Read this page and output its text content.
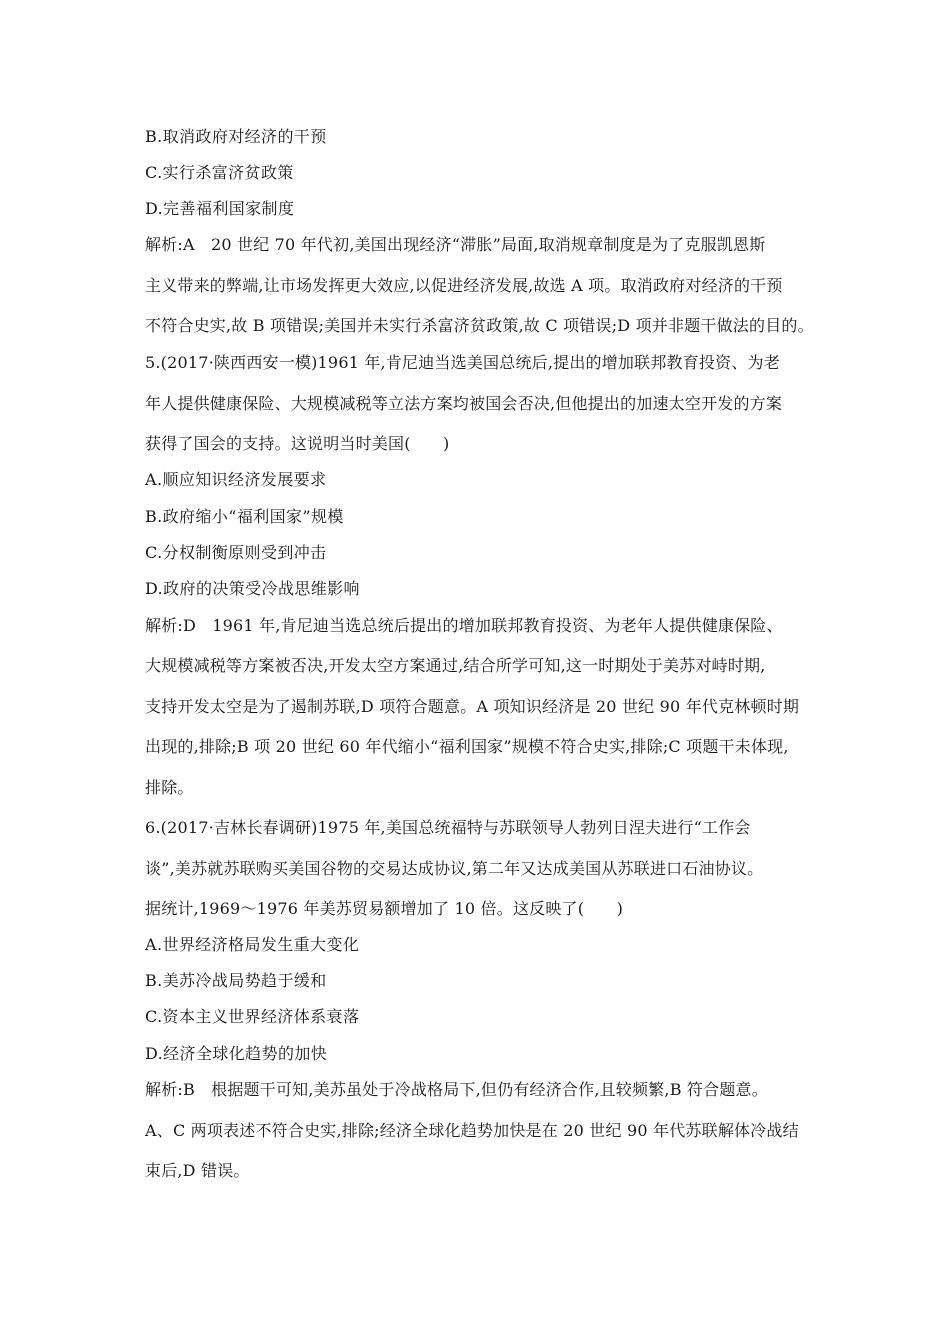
B.取消政府对经济的干预
C.实行杀富济贫政策
D.完善福利国家制度
解析:A　20 世纪 70 年代初,美国出现经济“滞胀”局面,取消规章制度是为了克服凯恩斯
主义带来的弊端,让市场发挥更大效应,以促进经济发展,故选 A 项。取消政府对经济的干预
不符合史实,故 B 项错误;美国并未实行杀富济贫政策,故 C 项错误;D 项并非题干做法的目的。
5.(2017·陕西西安一模)1961 年,肯尼迪当选美国总统后,提出的增加联邦教育投资、为老
年人提供健康保险、大规模减税等立法方案均被国会否决,但他提出的加速太空开发的方案
获得了国会的支持。这说明当时美国(　　)
A.顺应知识经济发展要求
B.政府缩小“福利国家”规模
C.分权制衡原则受到冲击
D.政府的决策受冷战思维影响
解析:D　1961 年,肯尼迪当选总统后提出的增加联邦教育投资、为老年人提供健康保险、
大规模减税等方案被否决,开发太空方案通过,结合所学可知,这一时期处于美苏对峙时期,
支持开发太空是为了遏制苏联,D 项符合题意。A 项知识经济是 20 世纪 90 年代克林顿时期
出现的,排除;B 项 20 世纪 60 年代缩小“福利国家”规模不符合史实,排除;C 项题干未体现,
排除。
6.(2017·吉林长春调研)1975 年,美国总统福特与苏联领导人勃列日涅夫进行“工作会
谈”,美苏就苏联购买美国谷物的交易达成协议,第二年又达成美国从苏联进口石油协议。
据统计,1969～1976 年美苏贸易额增加了 10 倍。这反映了(　　)
A.世界经济格局发生重大变化
B.美苏冷战局势趋于缓和
C.资本主义世界经济体系衰落
D.经济全球化趋势的加快
解析:B　根据题干可知,美苏虽处于冷战格局下,但仍有经济合作,且较频繁,B 符合题意。
A、C 两项表述不符合史实,排除;经济全球化趋势加快是在 20 世纪 90 年代苏联解体冷战结
束后,D 错误。
